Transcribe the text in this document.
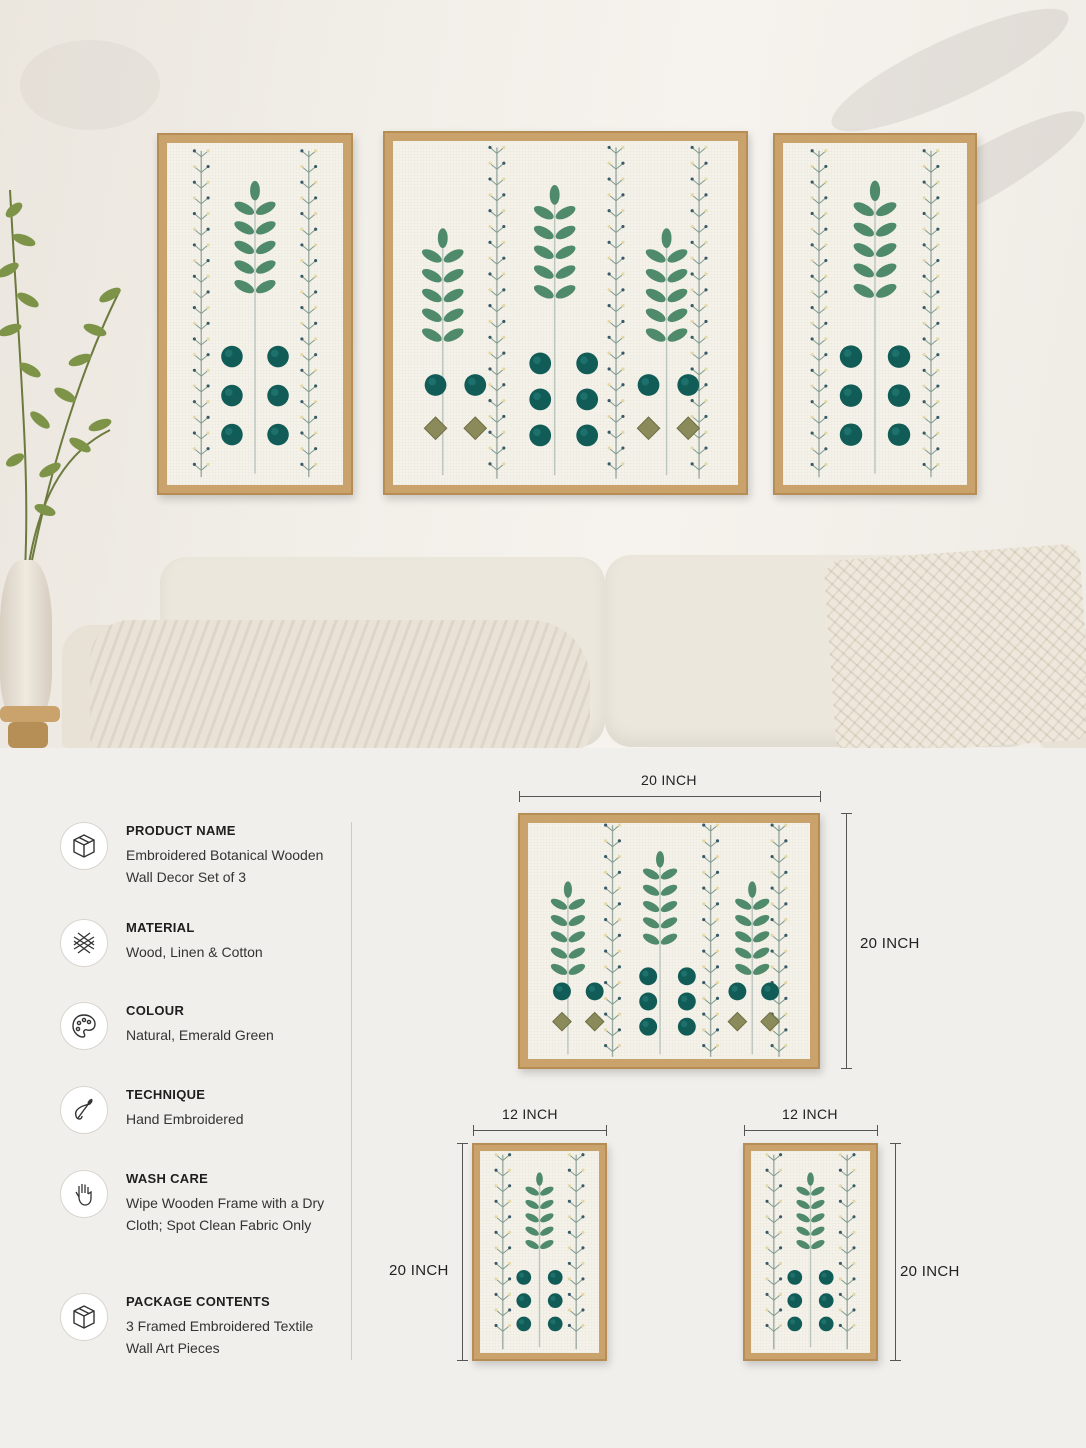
PRODUCT NAME
Embroidered Botanical Wooden Wall Decor Set of 3
MATERIAL
Wood, Linen & Cotton
COLOUR
Natural, Emerald Green
TECHNIQUE
Hand Embroidered
WASH CARE
Wipe Wooden Frame with a Dry Cloth; Spot Clean Fabric Only
PACKAGE CONTENTS
3 Framed Embroidered Textile Wall Art Pieces
20 INCH
20 INCH
12 INCH
20 INCH
12 INCH
20 INCH
